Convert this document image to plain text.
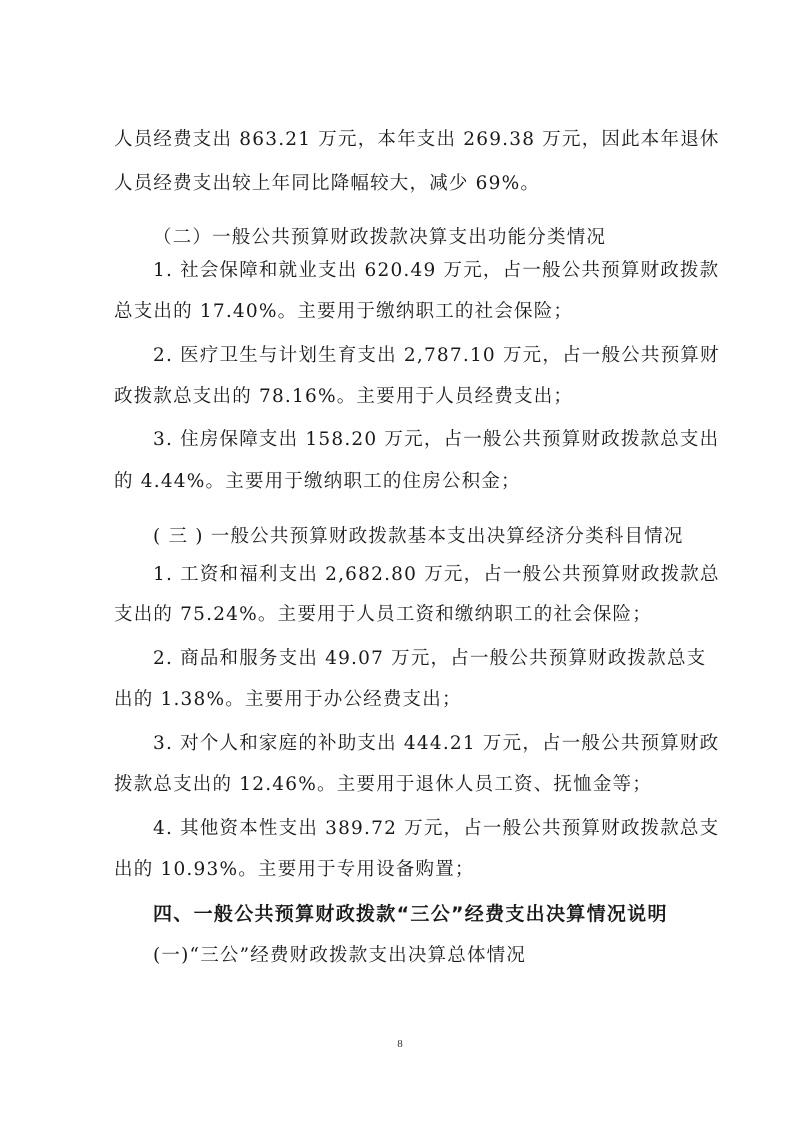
人员经费支出 863.21 万元，本年支出 269.38 万元，因此本年退休
人员经费支出较上年同比降幅较大，减少 69%。
（二）一般公共预算财政拨款决算支出功能分类情况
1. 社会保障和就业支出 620.49 万元，占一般公共预算财政拨款
总支出的 17.40%。主要用于缴纳职工的社会保险；
2. 医疗卫生与计划生育支出 2,787.10 万元，占一般公共预算财
政拨款总支出的 78.16%。主要用于人员经费支出；
3. 住房保障支出 158.20 万元，占一般公共预算财政拨款总支出
的 4.44%。主要用于缴纳职工的住房公积金；
( 三 ) 一般公共预算财政拨款基本支出决算经济分类科目情况
1. 工资和福利支出 2,682.80 万元，占一般公共预算财政拨款总
支出的 75.24%。主要用于人员工资和缴纳职工的社会保险；
2. 商品和服务支出 49.07 万元，占一般公共预算财政拨款总支
出的 1.38%。主要用于办公经费支出；
3. 对个人和家庭的补助支出 444.21 万元，占一般公共预算财政
拨款总支出的 12.46%。主要用于退休人员工资、抚恤金等；
4. 其他资本性支出 389.72 万元，占一般公共预算财政拨款总支
出的 10.93%。主要用于专用设备购置；
四、一般公共预算财政拨款“三公”经费支出决算情况说明
(一)“三公”经费财政拨款支出决算总体情况
8
